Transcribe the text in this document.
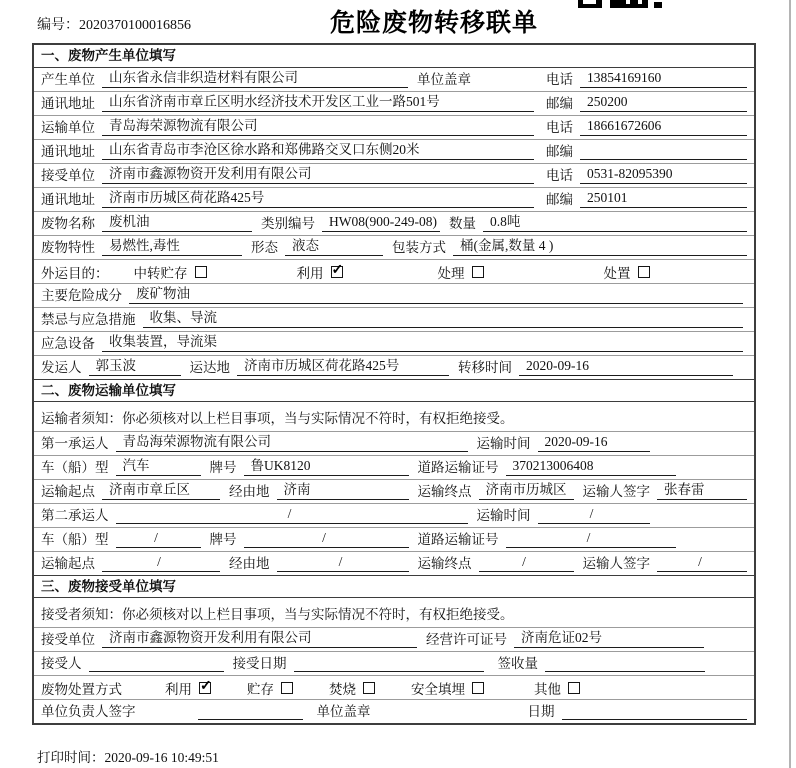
编号：2020370100016856	危险废物转移联单
一、废物产生单位填写
产生单位	山东省永信非织造材料有限公司	单位盖章	电话	13854169160
通讯地址	山东省济南市章丘区明水经济技术开发区工业一路501号	邮编	250200
运输单位	青岛海荣源物流有限公司	电话	18661672606
通讯地址	山东省青岛市李沧区徐水路和郑佛路交叉口东侧20米	邮编
接受单位	济南市鑫源物资开发利用有限公司	电话	0531-82095390
通讯地址	济南市历城区荷花路425号	邮编	250101
废物名称	废机油	类别编号	HW08(900-249-08) 数量	0.8吨
废物特性	易燃性,毒性	形态	液态	包装方式	桶(金属,数量 4 )
外运目的： 中转贮存	利用 ✓	处理	处置
主要危险成分	废矿物油
禁忌与应急措施	收集、导流
应急设备	收集装置，导流渠
发运人	郭玉波	运达地	济南市历城区荷花路425号	转移时间	2020-09-16
二、废物运输单位填写
运输者须知：你必须核对以上栏目事项，当与实际情况不符时，有权拒绝接受。
第一承运人	青岛海荣源物流有限公司	运输时间	2020-09-16
车（船）型	汽车	牌号	鲁UK8120	道路运输证号	370213006408
运输起点	济南市章丘区	经由地	济南	运输终点	济南市历城区	运输人签字	张春雷
第二承运人	/	运输时间	/
车（船）型	/	牌号	/	道路运输证号	/
运输起点	/	经由地	/	运输终点	/	运输人签字	/
三、废物接受单位填写
接受者须知：你必须核对以上栏目事项，当与实际情况不符时，有权拒绝接受。
接受单位	济南市鑫源物资开发利用有限公司	经营许可证号	济南危证02号
接受人	接受日期	签收量
废物处置方式	利用 ✓	贮存	焚烧	安全填埋	其他
单位负责人签字	单位盖章	日期
打印时间：2020-09-16 10:49:51
